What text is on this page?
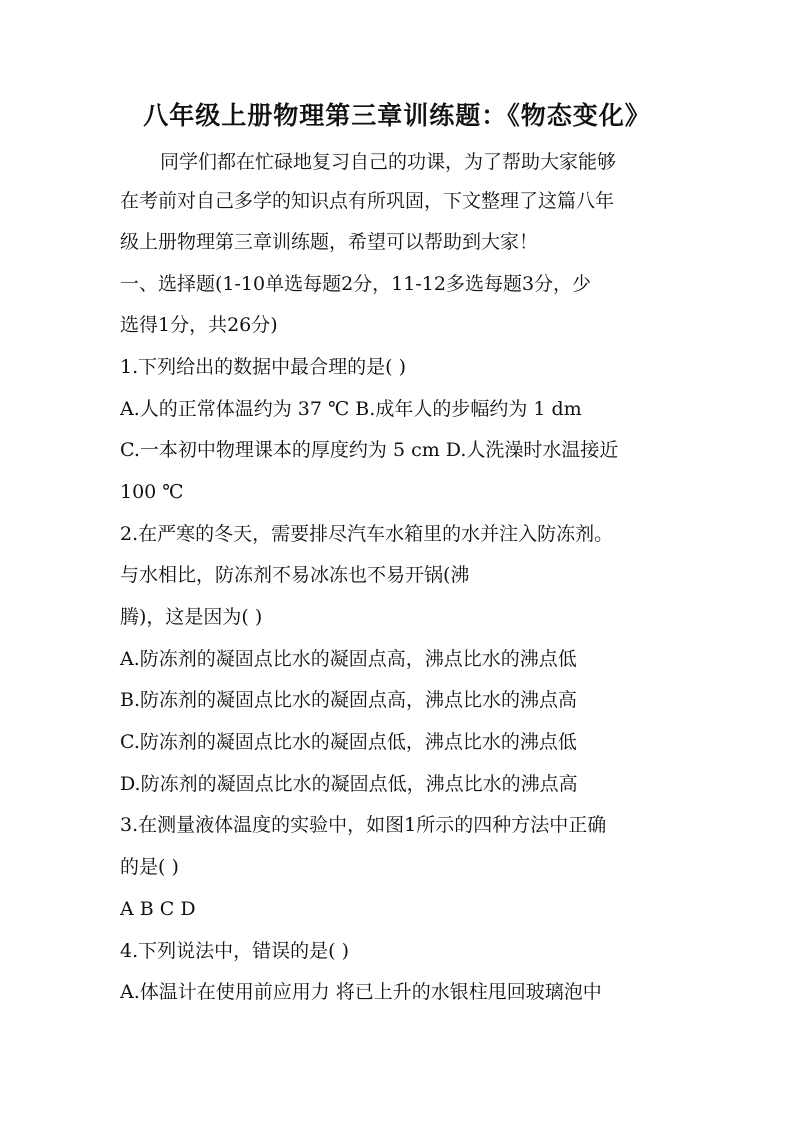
八年级上册物理第三章训练题：《物态变化》
同学们都在忙碌地复习自己的功课，为了帮助大家能够
在考前对自己多学的知识点有所巩固，下文整理了这篇八年
级上册物理第三章训练题，希望可以帮助到大家！
一、选择题(1-10单选每题2分，11-12多选每题3分，少
选得1分，共26分)
1.下列给出的数据中最合理的是( )
A.人的正常体温约为 37 ℃ B.成年人的步幅约为 1 dm
C.一本初中物理课本的厚度约为 5 cm D.人洗澡时水温接近
100 ℃
2.在严寒的冬天，需要排尽汽车水箱里的水并注入防冻剂。
与水相比，防冻剂不易冰冻也不易开锅(沸
腾)，这是因为( )
A.防冻剂的凝固点比水的凝固点高，沸点比水的沸点低
B.防冻剂的凝固点比水的凝固点高，沸点比水的沸点高
C.防冻剂的凝固点比水的凝固点低，沸点比水的沸点低
D.防冻剂的凝固点比水的凝固点低，沸点比水的沸点高
3.在测量液体温度的实验中，如图1所示的四种方法中正确
的是( )
A B C D
4.下列说法中，错误的是( )
A.体温计在使用前应用力 将已上升的水银柱甩回玻璃泡中
